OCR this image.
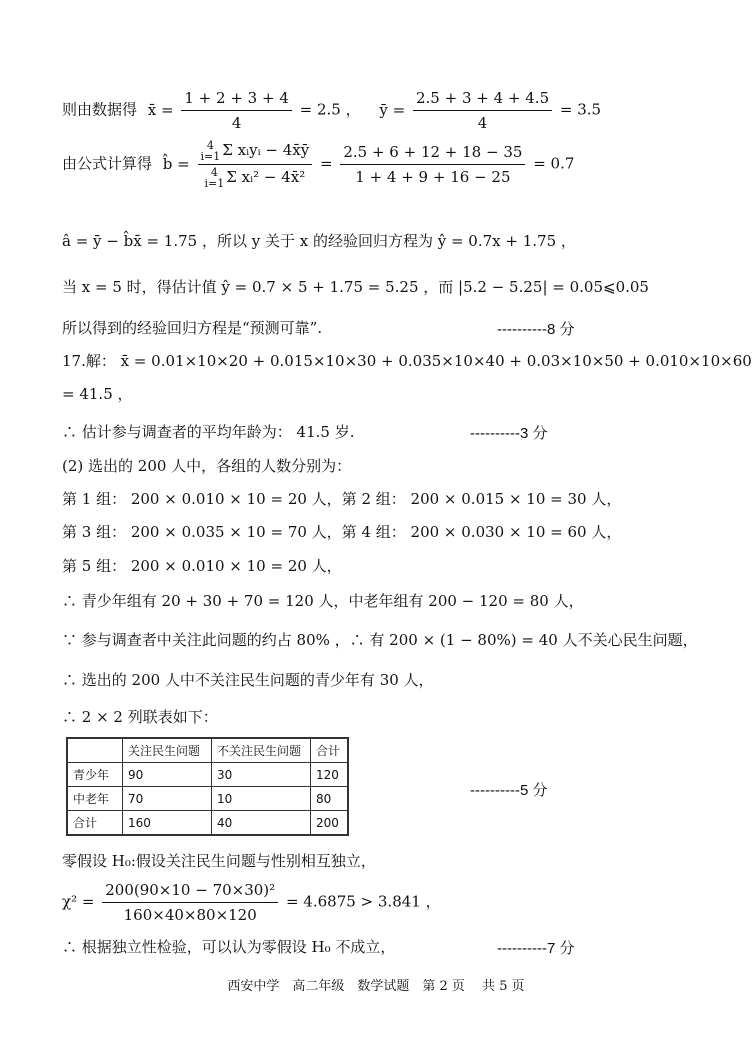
则由数据得 x̄ = $\frac{1 + 2 + 3 + 4}{4} = 2.5$ ， ȳ = $\frac{2.5 + 3 + 4 + 4.5}{4} = 3.5$
由公式计算得 b̂ = 4
i=1 Σ xᵢyᵢ − 4x̄ȳ
4
i=1 Σ xᵢ² − 4x̄² = $\frac{2.5 + 6 + 12 + 18 - 35}{1 + 4 + 9 + 16 - 25} = 0.7$
â = ȳ − b̂x̄ = 1.75 ，所以 y 关于 x 的经验回归方程为 ŷ = 0.7x + 1.75 ，
当 x = 5 时，得估计值 ŷ = 0.7 × 5 + 1.75 = 5.25 ，而 |5.2 − 5.25| = 0.05⩽0.05
所以得到的经验回归方程是“预测可靠”.	----------8 分
17.解： x̄ = 0.01×10×20 + 0.015×10×30 + 0.035×10×40 + 0.03×10×50 + 0.010×10×60
= 41.5 ，
∴ 估计参与调查者的平均年龄为： 41.5 岁.	----------3 分
(2) 选出的 200 人中，各组的人数分别为：
第 1 组： 200 × 0.010 × 10 = 20 人，第 2 组： 200 × 0.015 × 10 = 30 人，
第 3 组： 200 × 0.035 × 10 = 70 人，第 4 组： 200 × 0.030 × 10 = 60 人，
第 5 组： 200 × 0.010 × 10 = 20 人，
∴ 青少年组有 20 + 30 + 70 = 120 人，中老年组有 200 − 120 = 80 人，
∵ 参与调查者中关注此问题的约占 80% ，∴ 有 200 × (1 − 80%) = 40 人不关心民生问题，
∴ 选出的 200 人中不关注民生问题的青少年有 30 人，
∴ 2 × 2 列联表如下：
	关注民生问题	不关注民生问题	合计
青少年	90	30	120
中老年	70	10	80
合计	160	40	200
----------5 分
零假设 H₀:假设关注民生问题与性别相互独立，
$\chi^2 = \frac{\text{200(90×10 − 70×30)²}}{160\times 40\times 80\times 120} = 4.6875 > 3.841$ ，
∴ 根据独立性检验，可以认为零假设 H₀ 不成立，	----------7 分
西安中学　高二年级　数学试题　第 2 页　 共 5 页
